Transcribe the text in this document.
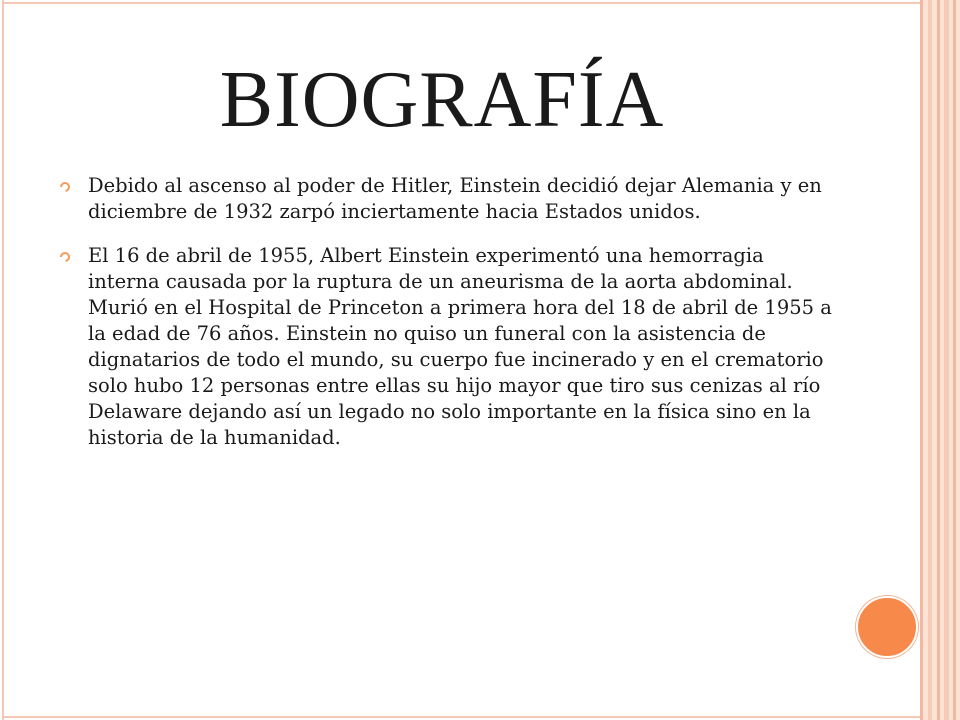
BIOGRAFÍA
Debido al ascenso al poder de Hitler, Einstein decidió dejar Alemania y en diciembre de 1932 zarpó inciertamente hacia Estados unidos.
El 16 de abril de 1955, Albert Einstein experimentó una hemorragia interna causada por la ruptura de un aneurisma de la aorta abdominal. Murió en el Hospital de Princeton a primera hora del 18 de abril de 1955 a la edad de 76 años. Einstein no quiso un funeral con la asistencia de dignatarios de todo el mundo, su cuerpo fue incinerado y en el crematorio solo hubo 12 personas entre ellas su hijo mayor que tiro sus cenizas al río Delaware dejando así un legado no solo importante en la física sino en la historia de la humanidad.
